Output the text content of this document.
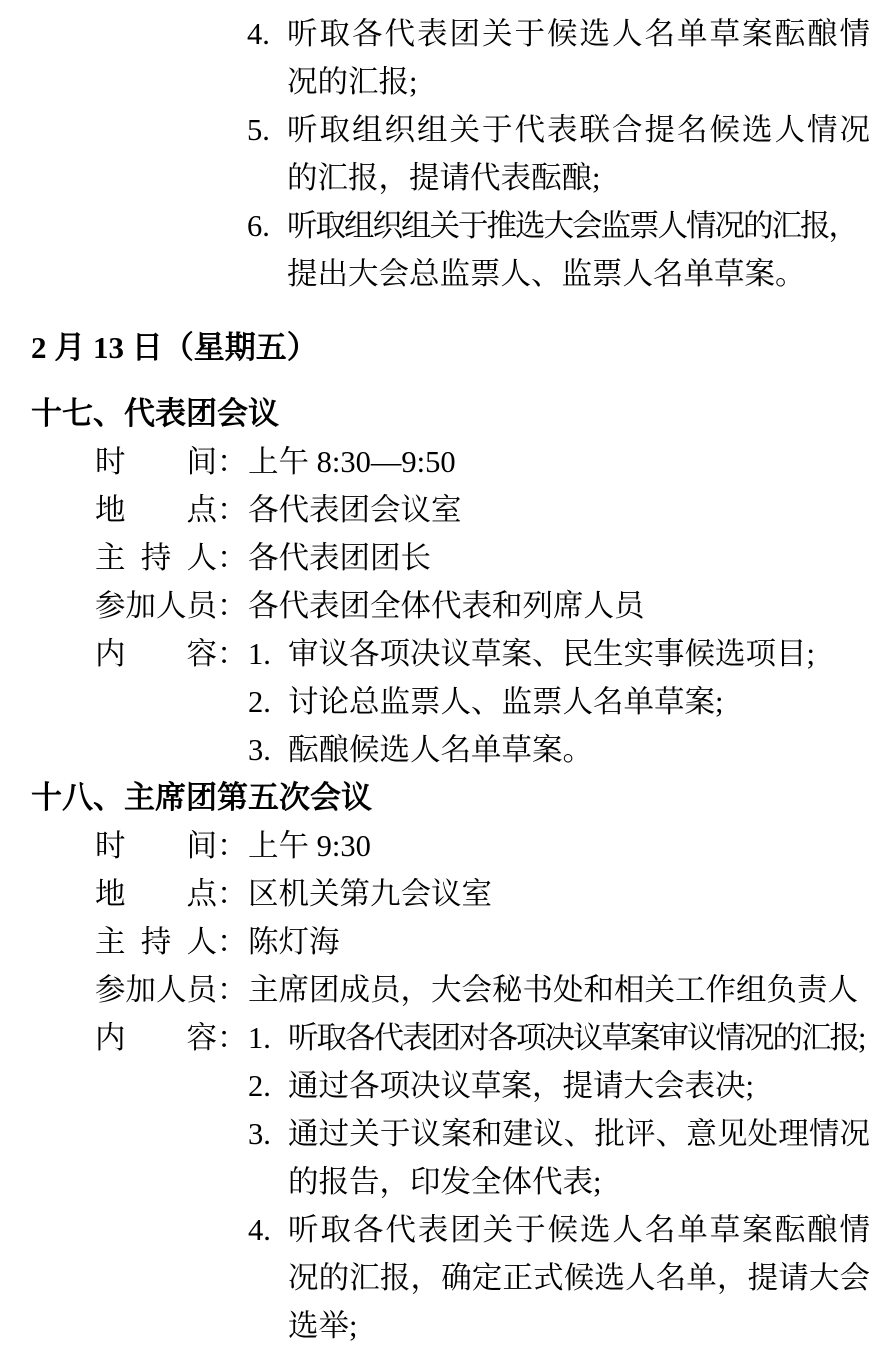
4. 听取各代表团关于候选人名单草案酝酿情
况的汇报;
5. 听取组织组关于代表联合提名候选人情况
的汇报，提请代表酝酿;
6. 听取组织组关于推选大会监票人情况的汇报，
提出大会总监票人、监票人名单草案。
2 月 13 日（星期五）
十七、代表团会议
时　　间： 上午 8:30—9:50
地　　点： 各代表团会议室
主 持 人： 各代表团团长
参加人员： 各代表团全体代表和列席人员
内　　容： 1. 审议各项决议草案、民生实事候选项目;
2. 讨论总监票人、监票人名单草案;
3. 酝酿候选人名单草案。
十八、主席团第五次会议
时　　间： 上午 9:30
地　　点： 区机关第九会议室
主 持 人： 陈灯海
参加人员： 主席团成员，大会秘书处和相关工作组负责人
内　　容： 1. 听取各代表团对各项决议草案审议情况的汇报;
2. 通过各项决议草案，提请大会表决;
3. 通过关于议案和建议、批评、意见处理情况
的报告，印发全体代表;
4. 听取各代表团关于候选人名单草案酝酿情
况的汇报，确定正式候选人名单，提请大会
选举;
